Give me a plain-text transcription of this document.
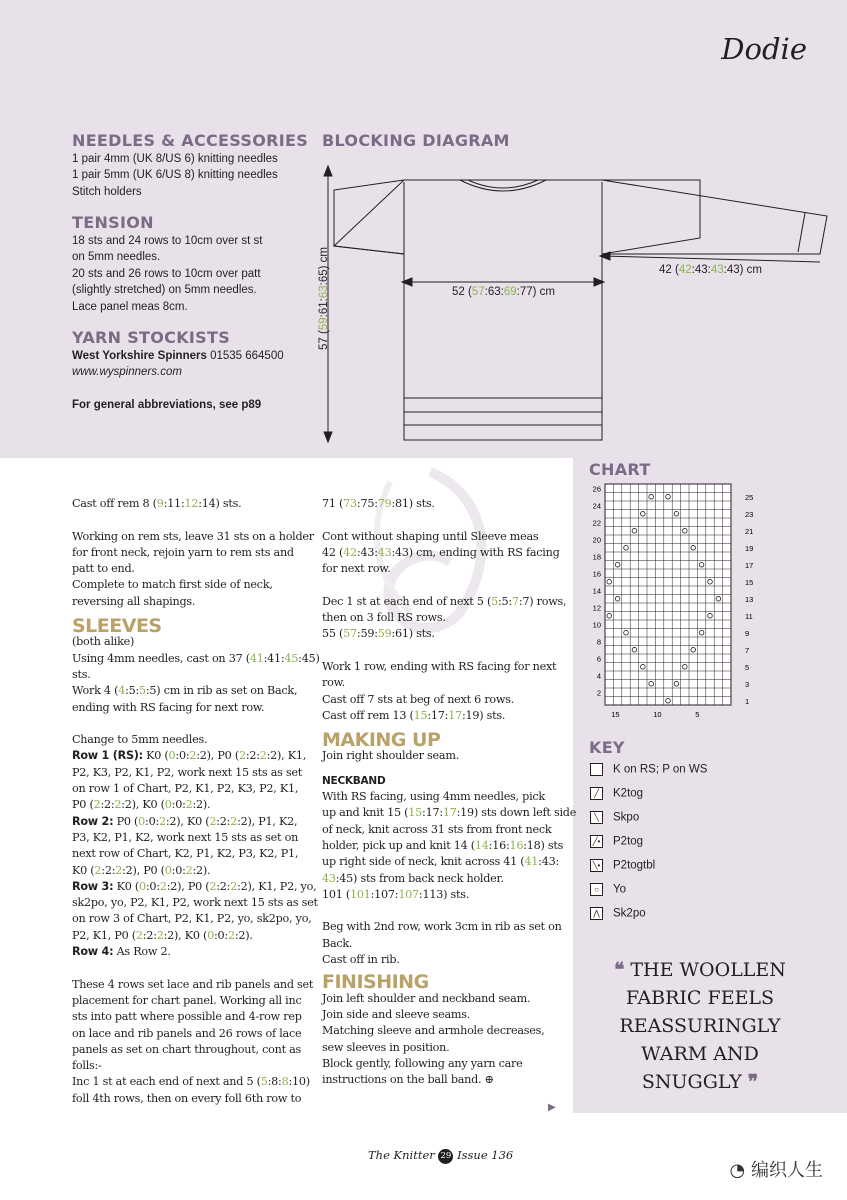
Dodie
NEEDLES & ACCESSORIES
1 pair 4mm (UK 8/US 6) knitting needles
1 pair 5mm (UK 6/US 8) knitting needles
Stitch holders
TENSION
18 sts and 24 rows to 10cm over st st
on 5mm needles.
20 sts and 26 rows to 10cm over patt
(slightly stretched) on 5mm needles.
Lace panel meas 8cm.
YARN STOCKISTS
West Yorkshire Spinners 01535 664500
www.wyspinners.com
For general abbreviations, see p89
BLOCKING DIAGRAM
52 (57:63:69:77) cm
42 (42:43:43:43) cm
57 (59:61:63:65) cm
Cast off rem 8 (9:11:12:14) sts.
Working on rem sts, leave 31 sts on a holder
for front neck, rejoin yarn to rem sts and
patt to end.
Complete to match first side of neck,
reversing all shapings.
SLEEVES
(both alike)
Using 4mm needles, cast on 37 (41:41:45:45)
sts.
Work 4 (4:5:5:5) cm in rib as set on Back,
ending with RS facing for next row.
Change to 5mm needles.
Row 1 (RS): K0 (0:0:2:2), P0 (2:2:2:2), K1,
P2, K3, P2, K1, P2, work next 15 sts as set
on row 1 of Chart, P2, K1, P2, K3, P2, K1,
P0 (2:2:2:2), K0 (0:0:2:2).
Row 2: P0 (0:0:2:2), K0 (2:2:2:2), P1, K2,
P3, K2, P1, K2, work next 15 sts as set on
next row of Chart, K2, P1, K2, P3, K2, P1,
K0 (2:2:2:2), P0 (0:0:2:2).
Row 3: K0 (0:0:2:2), P0 (2:2:2:2), K1, P2, yo,
sk2po, yo, P2, K1, P2, work next 15 sts as set
on row 3 of Chart, P2, K1, P2, yo, sk2po, yo,
P2, K1, P0 (2:2:2:2), K0 (0:0:2:2).
Row 4: As Row 2.
These 4 rows set lace and rib panels and set
placement for chart panel. Working all inc
sts into patt where possible and 4-row rep
on lace and rib panels and 26 rows of lace
panels as set on chart throughout, cont as
folls:-
Inc 1 st at each end of next and 5 (5:8:8:10)
foll 4th rows, then on every foll 6th row to
71 (73:75:79:81) sts.
Cont without shaping until Sleeve meas
42 (42:43:43:43) cm, ending with RS facing
for next row.
Dec 1 st at each end of next 5 (5:5:7:7) rows,
then on 3 foll RS rows.
55 (57:59:59:61) sts.
Work 1 row, ending with RS facing for next
row.
Cast off 7 sts at beg of next 6 rows.
Cast off rem 13 (15:17:17:19) sts.
MAKING UP
Join right shoulder seam.
NECKBAND
With RS facing, using 4mm needles, pick
up and knit 15 (15:17:17:19) sts down left side
of neck, knit across 31 sts from front neck
holder, pick up and knit 14 (14:16:16:18) sts
up right side of neck, knit across 41 (41:43:
43:45) sts from back neck holder.
101 (101:107:107:113) sts.
Beg with 2nd row, work 3cm in rib as set on
Back.
Cast off in rib.
FINISHING
Join left shoulder and neckband seam.
Join side and sleeve seams.
Matching sleeve and armhole decreases,
sew sleeves in position.
Block gently, following any yarn care
instructions on the ball band. ⊕
▶
CHART
26
24
22
20
18
16
14
12
10
8
6
4
2
25
23
21
19
17
15
13
11
9
7
5
3
1
15	10	5
KEY
K on RS; P on WS
╱ K2tog
╲ Skpo
╱• P2tog
╲• P2togtbl
○ Yo
⋀ Sk2po
❝ THE WOOLLEN
FABRIC FEELS
REASSURINGLY
WARM AND
SNUGGLY ❞
The Knitter 29 Issue 136
◔ 编织人生
